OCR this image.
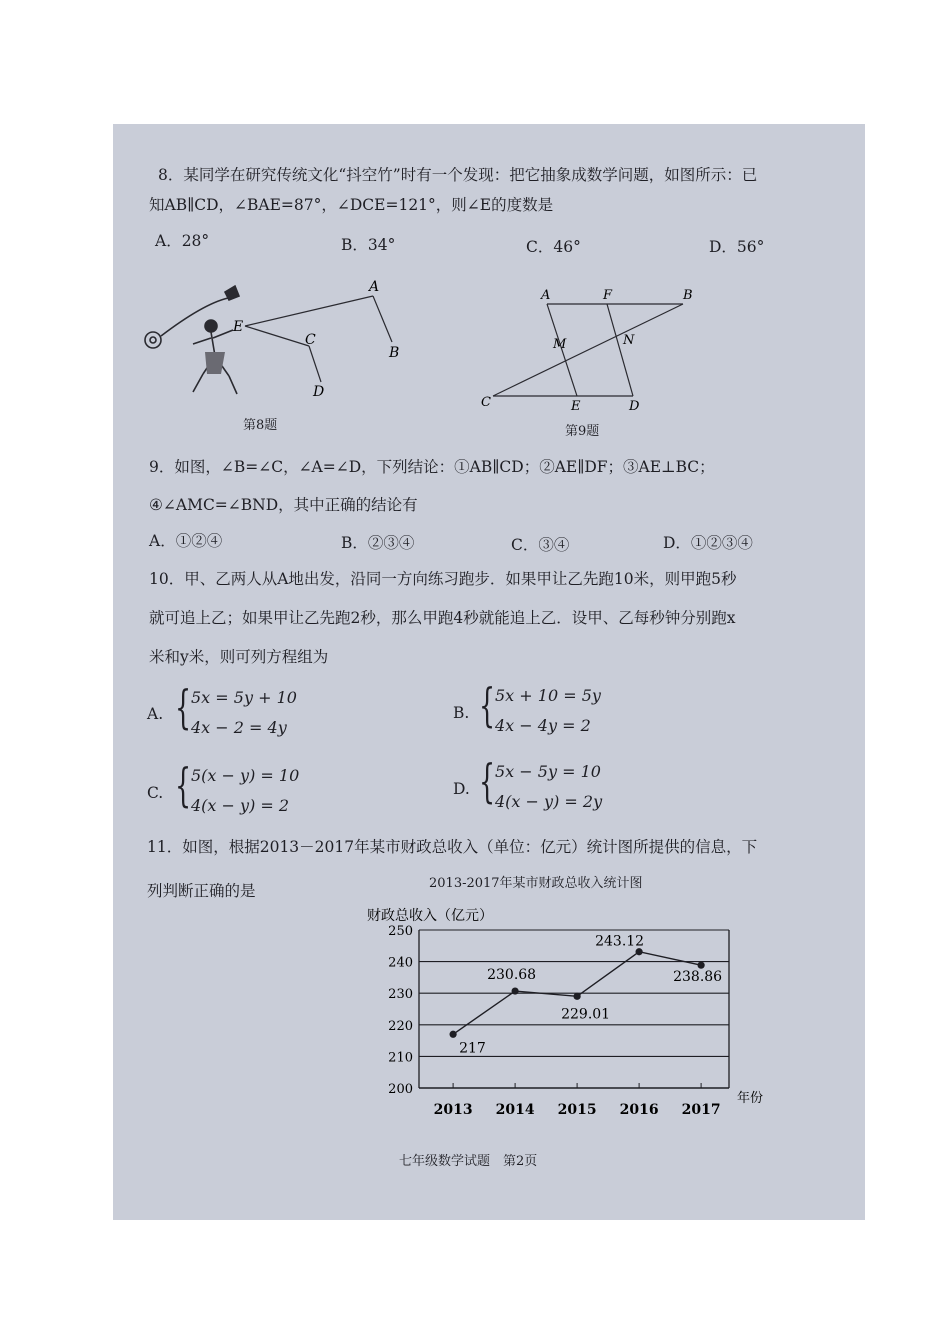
8．某同学在研究传统文化“抖空竹”时有一个发现：把它抽象成数学问题，如图所示：已
知AB∥CD，∠BAE=87°，∠DCE=121°，则∠E的度数是
A．28°	B．34°	C．46°	D．56°
A
E
C
B
D
第8题
A	F	B
M	N
C	E	D
第9题
9．如图，∠B=∠C，∠A=∠D，下列结论：①AB∥CD；②AE∥DF；③AE⊥BC；
④∠AMC=∠BND，其中正确的结论有
A．①②④	B．②③④	C．③④	D．①②③④
10．甲、乙两人从A地出发，沿同一方向练习跑步．如果甲让乙先跑10米，则甲跑5秒
就可追上乙；如果甲让乙先跑2秒，那么甲跑4秒就能追上乙．设甲、乙每秒钟分别跑x
米和y米，则可列方程组为
A. { 5x = 5y + 10
4x − 2 = 4y
B. { 5x + 10 = 5y
4x − 4y = 2
C. { 5(x − y) = 10
4(x − y) = 2
D. { 5x − 5y = 10
4(x − y) = 2y
11．如图，根据2013－2017年某市财政总收入（单位：亿元）统计图所提供的信息，下
列判断正确的是	2013-2017年某市财政总收入统计图
财政总收入（亿元）
年份
200
210
220
230
240
250
2013 2014 2015 2016 2017
217
230.68
229.01
243.12
238.86
七年级数学试题　第2页
